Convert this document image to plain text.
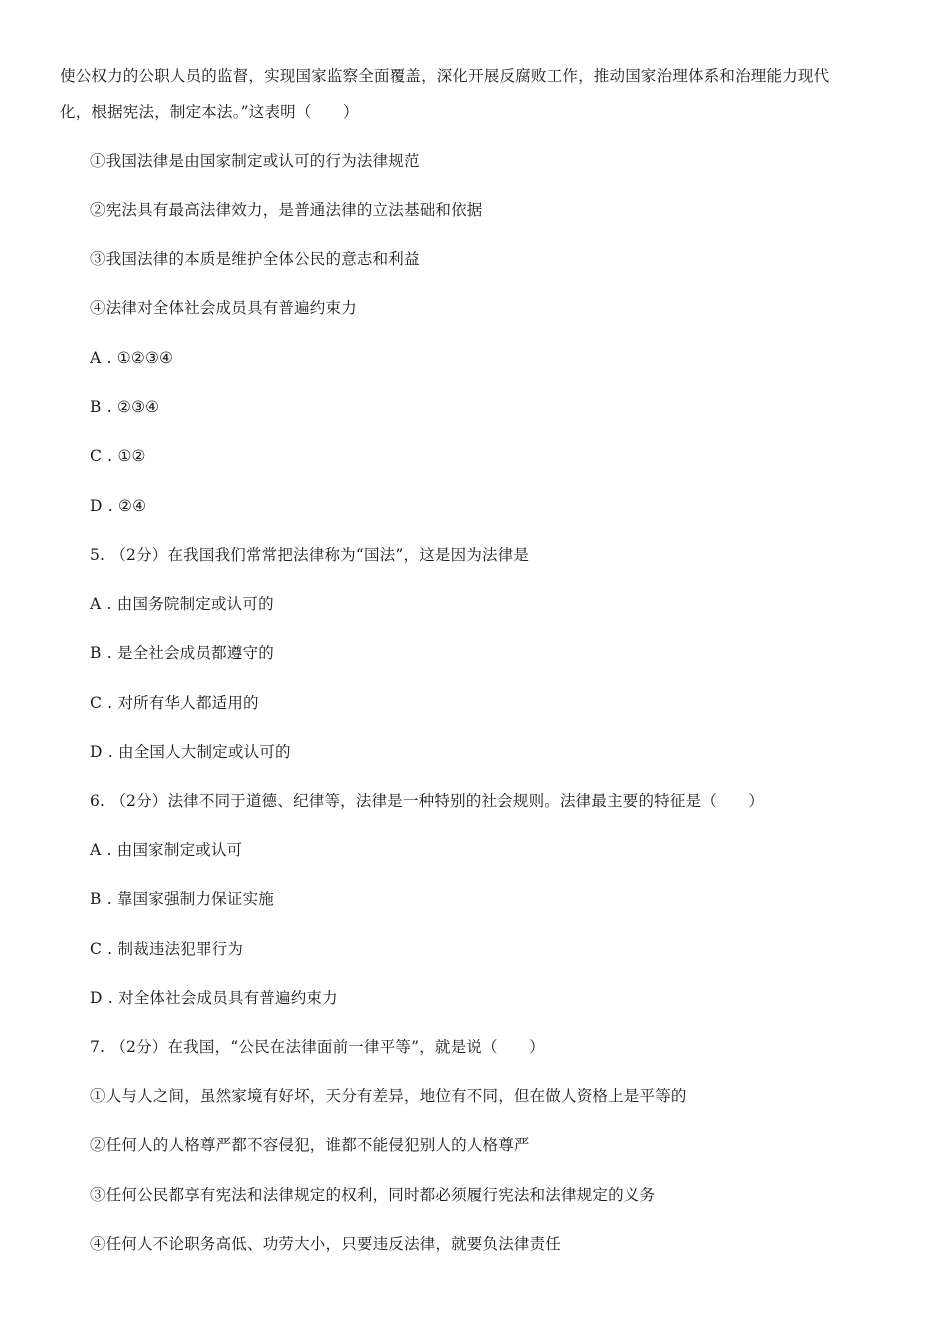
使公权力的公职人员的监督，实现国家监察全面覆盖，深化开展反腐败工作，推动国家治理体系和治理能力现代
化，根据宪法，制定本法。”这表明（　　）
①我国法律是由国家制定或认可的行为法律规范
②宪法具有最高法律效力，是普通法律的立法基础和依据
③我国法律的本质是维护全体公民的意志和利益
④法律对全体社会成员具有普遍约束力
A . ①②③④
B . ②③④
C . ①②
D . ②④
5. （2分）在我国我们常常把法律称为“国法”，这是因为法律是
A . 由国务院制定或认可的
B . 是全社会成员都遵守的
C . 对所有华人都适用的
D . 由全国人大制定或认可的
6. （2分）法律不同于道德、纪律等，法律是一种特别的社会规则。法律最主要的特征是（　　）
A . 由国家制定或认可
B . 靠国家强制力保证实施
C . 制裁违法犯罪行为
D . 对全体社会成员具有普遍约束力
7. （2分）在我国，“公民在法律面前一律平等”，就是说（　　）
①人与人之间，虽然家境有好坏，天分有差异，地位有不同，但在做人资格上是平等的
②任何人的人格尊严都不容侵犯，谁都不能侵犯别人的人格尊严
③任何公民都享有宪法和法律规定的权利，同时都必须履行宪法和法律规定的义务
④任何人不论职务高低、功劳大小，只要违反法律，就要负法律责任
